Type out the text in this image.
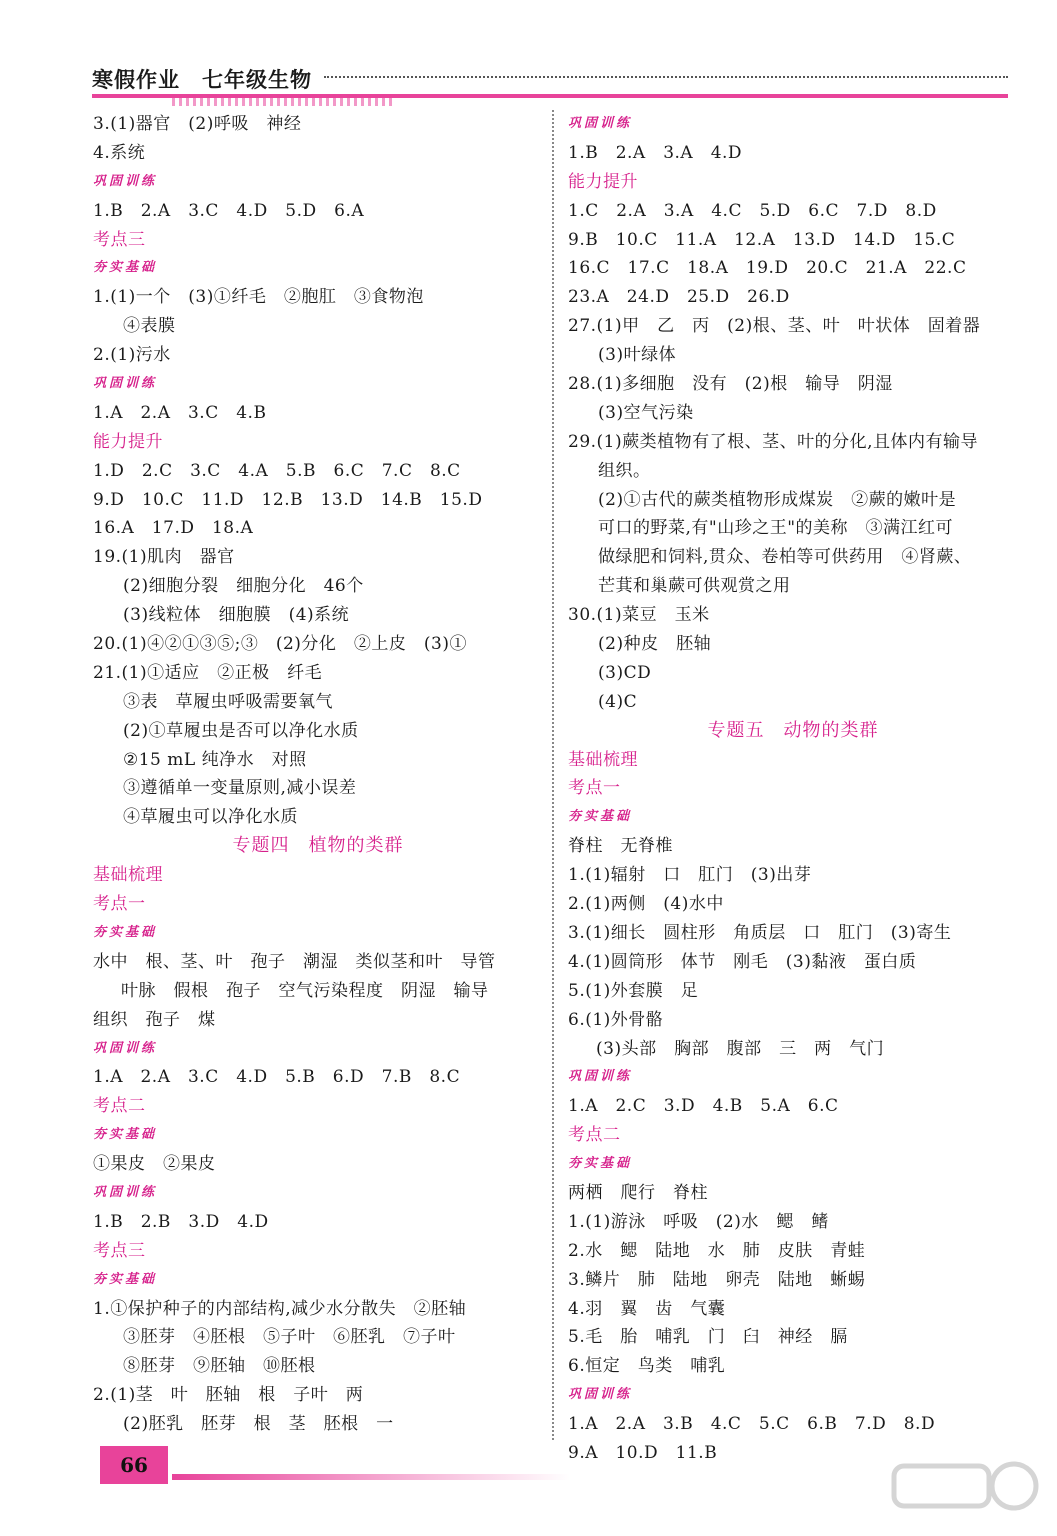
寒假作业 七年级生物
3.(1)器官　(2)呼吸　神经
4.系统
巩固训练
1.B　2.A　3.C　4.D　5.D　6.A
考点三
夯实基础
1.(1)一个　(3)①纤毛　②胞肛　③食物泡
④表膜
2.(1)污水
巩固训练
1.A　2.A　3.C　4.B
能力提升
1.D　2.C　3.C　4.A　5.B　6.C　7.C　8.C
9.D　10.C　11.D　12.B　13.D　14.B　15.D
16.A　17.D　18.A
19.(1)肌肉　器官
(2)细胞分裂　细胞分化　46个
(3)线粒体　细胞膜　(4)系统
20.(1)④②①③⑤;③　(2)分化　②上皮　(3)①
21.(1)①适应　②正极　纤毛
③表　草履虫呼吸需要氧气
(2)①草履虫是否可以净化水质
②15 mL 纯净水　对照
③遵循单一变量原则,减小误差
④草履虫可以净化水质
专题四　植物的类群
基础梳理
考点一
夯实基础
水中　根、茎、叶　孢子　潮湿　类似茎和叶　导管
叶脉　假根　孢子　空气污染程度　阴湿　输导
组织　孢子　煤
巩固训练
1.A　2.A　3.C　4.D　5.B　6.D　7.B　8.C
考点二
夯实基础
①果皮　②果皮
巩固训练
1.B　2.B　3.D　4.D
考点三
夯实基础
1.①保护种子的内部结构,减少水分散失　②胚轴
③胚芽　④胚根　⑤子叶　⑥胚乳　⑦子叶
⑧胚芽　⑨胚轴　⑩胚根
2.(1)茎　叶　胚轴　根　子叶　两
(2)胚乳　胚芽　根　茎　胚根　一
巩固训练
1.B　2.A　3.A　4.D
能力提升
1.C　2.A　3.A　4.C　5.D　6.C　7.D　8.D
9.B　10.C　11.A　12.A　13.D　14.D　15.C
16.C　17.C　18.A　19.D　20.C　21.A　22.C
23.A　24.D　25.D　26.D
27.(1)甲　乙　丙　(2)根、茎、叶　叶状体　固着器
(3)叶绿体
28.(1)多细胞　没有　(2)根　输导　阴湿
(3)空气污染
29.(1)蕨类植物有了根、茎、叶的分化,且体内有输导
组织。
(2)①古代的蕨类植物形成煤炭　②蕨的嫩叶是
可口的野菜,有"山珍之王"的美称　③满江红可
做绿肥和饲料,贯众、卷柏等可供药用　④肾蕨、
芒萁和巢蕨可供观赏之用
30.(1)菜豆　玉米
(2)种皮　胚轴
(3)CD
(4)C
专题五　动物的类群
基础梳理
考点一
夯实基础
脊柱　无脊椎
1.(1)辐射　口　肛门　(3)出芽
2.(1)两侧　(4)水中
3.(1)细长　圆柱形　角质层　口　肛门　(3)寄生
4.(1)圆筒形　体节　刚毛　(3)黏液　蛋白质
5.(1)外套膜　足
6.(1)外骨骼
(3)头部　胸部　腹部　三　两　气门
巩固训练
1.A　2.C　3.D　4.B　5.A　6.C
考点二
夯实基础
两栖　爬行　脊柱
1.(1)游泳　呼吸　(2)水　鳃　鳍
2.水　鳃　陆地　水　肺　皮肤　青蛙
3.鳞片　肺　陆地　卵壳　陆地　蜥蜴
4.羽　翼　齿　气囊
5.毛　胎　哺乳　门　臼　神经　膈
6.恒定　鸟类　哺乳
巩固训练
1.A　2.A　3.B　4.C　5.C　6.B　7.D　8.D
9.A　10.D　11.B
66
